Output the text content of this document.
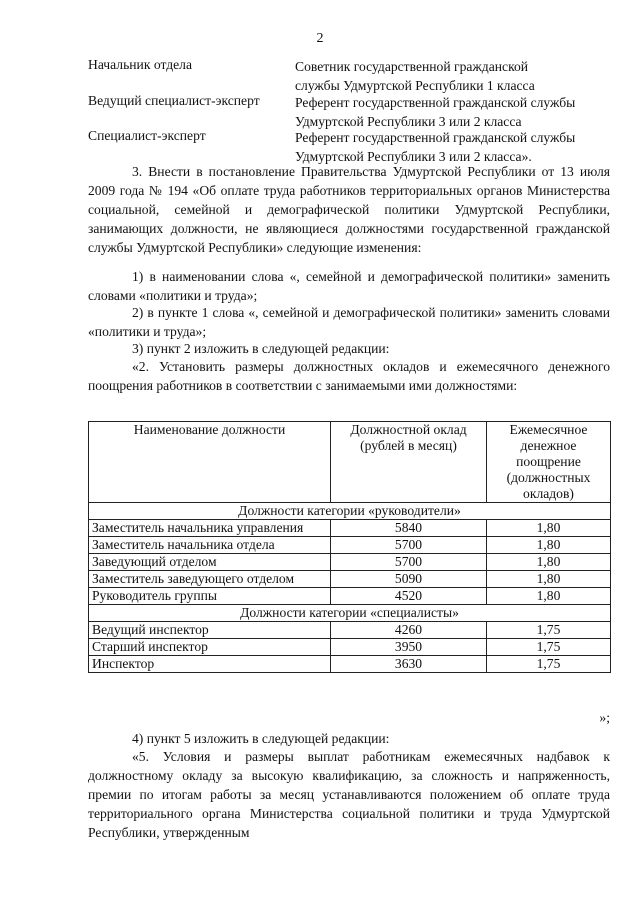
2
Начальник отдела	Советник государственной гражданской
службы Удмуртской Республики 1 класса
Ведущий специалист-эксперт	Референт государственной гражданской службы
Удмуртской Республики 3 или 2 класса
Специалист-эксперт	Референт государственной гражданской службы
Удмуртской Республики 3 или 2 класса».

3. Внести в постановление Правительства Удмуртской Республики от 13 июля 2009 года № 194 «Об оплате труда работников территориальных органов Министерства социальной, семейной и демографической политики Удмуртской Республики, занимающих должности, не являющиеся должностями государственной гражданской службы Удмуртской Республики» следующие изменения:

1) в наименовании слова «, семейной и демографической политики» заменить словами «политики и труда»;

2) в пункте 1 слова «, семейной и демографической политики» заменить словами «политики и труда»;

3) пункт 2 изложить в следующей редакции:

«2. Установить размеры должностных окладов и ежемесячного денежного поощрения работников в соответствии с занимаемыми ими должностями:

Наименование должности	Должностной оклад (рублей в месяц)	Ежемесячное денежное поощрение (должностных окладов)
Должности категории «руководители»		
Заместитель начальника управления	5840	1,80
Заместитель начальника отдела	5700	1,80
Заведующий отделом	5700	1,80
Заместитель заведующего отделом	5090	1,80
Руководитель группы	4520	1,80
Должности категории «специалисты»		
Ведущий инспектор	4260	1,75
Старший инспектор	3950	1,75
Инспектор	3630	1,75
»;

4) пункт 5 изложить в следующей редакции:

«5. Условия и размеры выплат работникам ежемесячных надбавок к должностному окладу за высокую квалификацию, за сложность и напряженность, премии по итогам работы за месяц устанавливаются положением об оплате труда территориального органа Министерства социальной политики и труда Удмуртской Республики, утвержденным
